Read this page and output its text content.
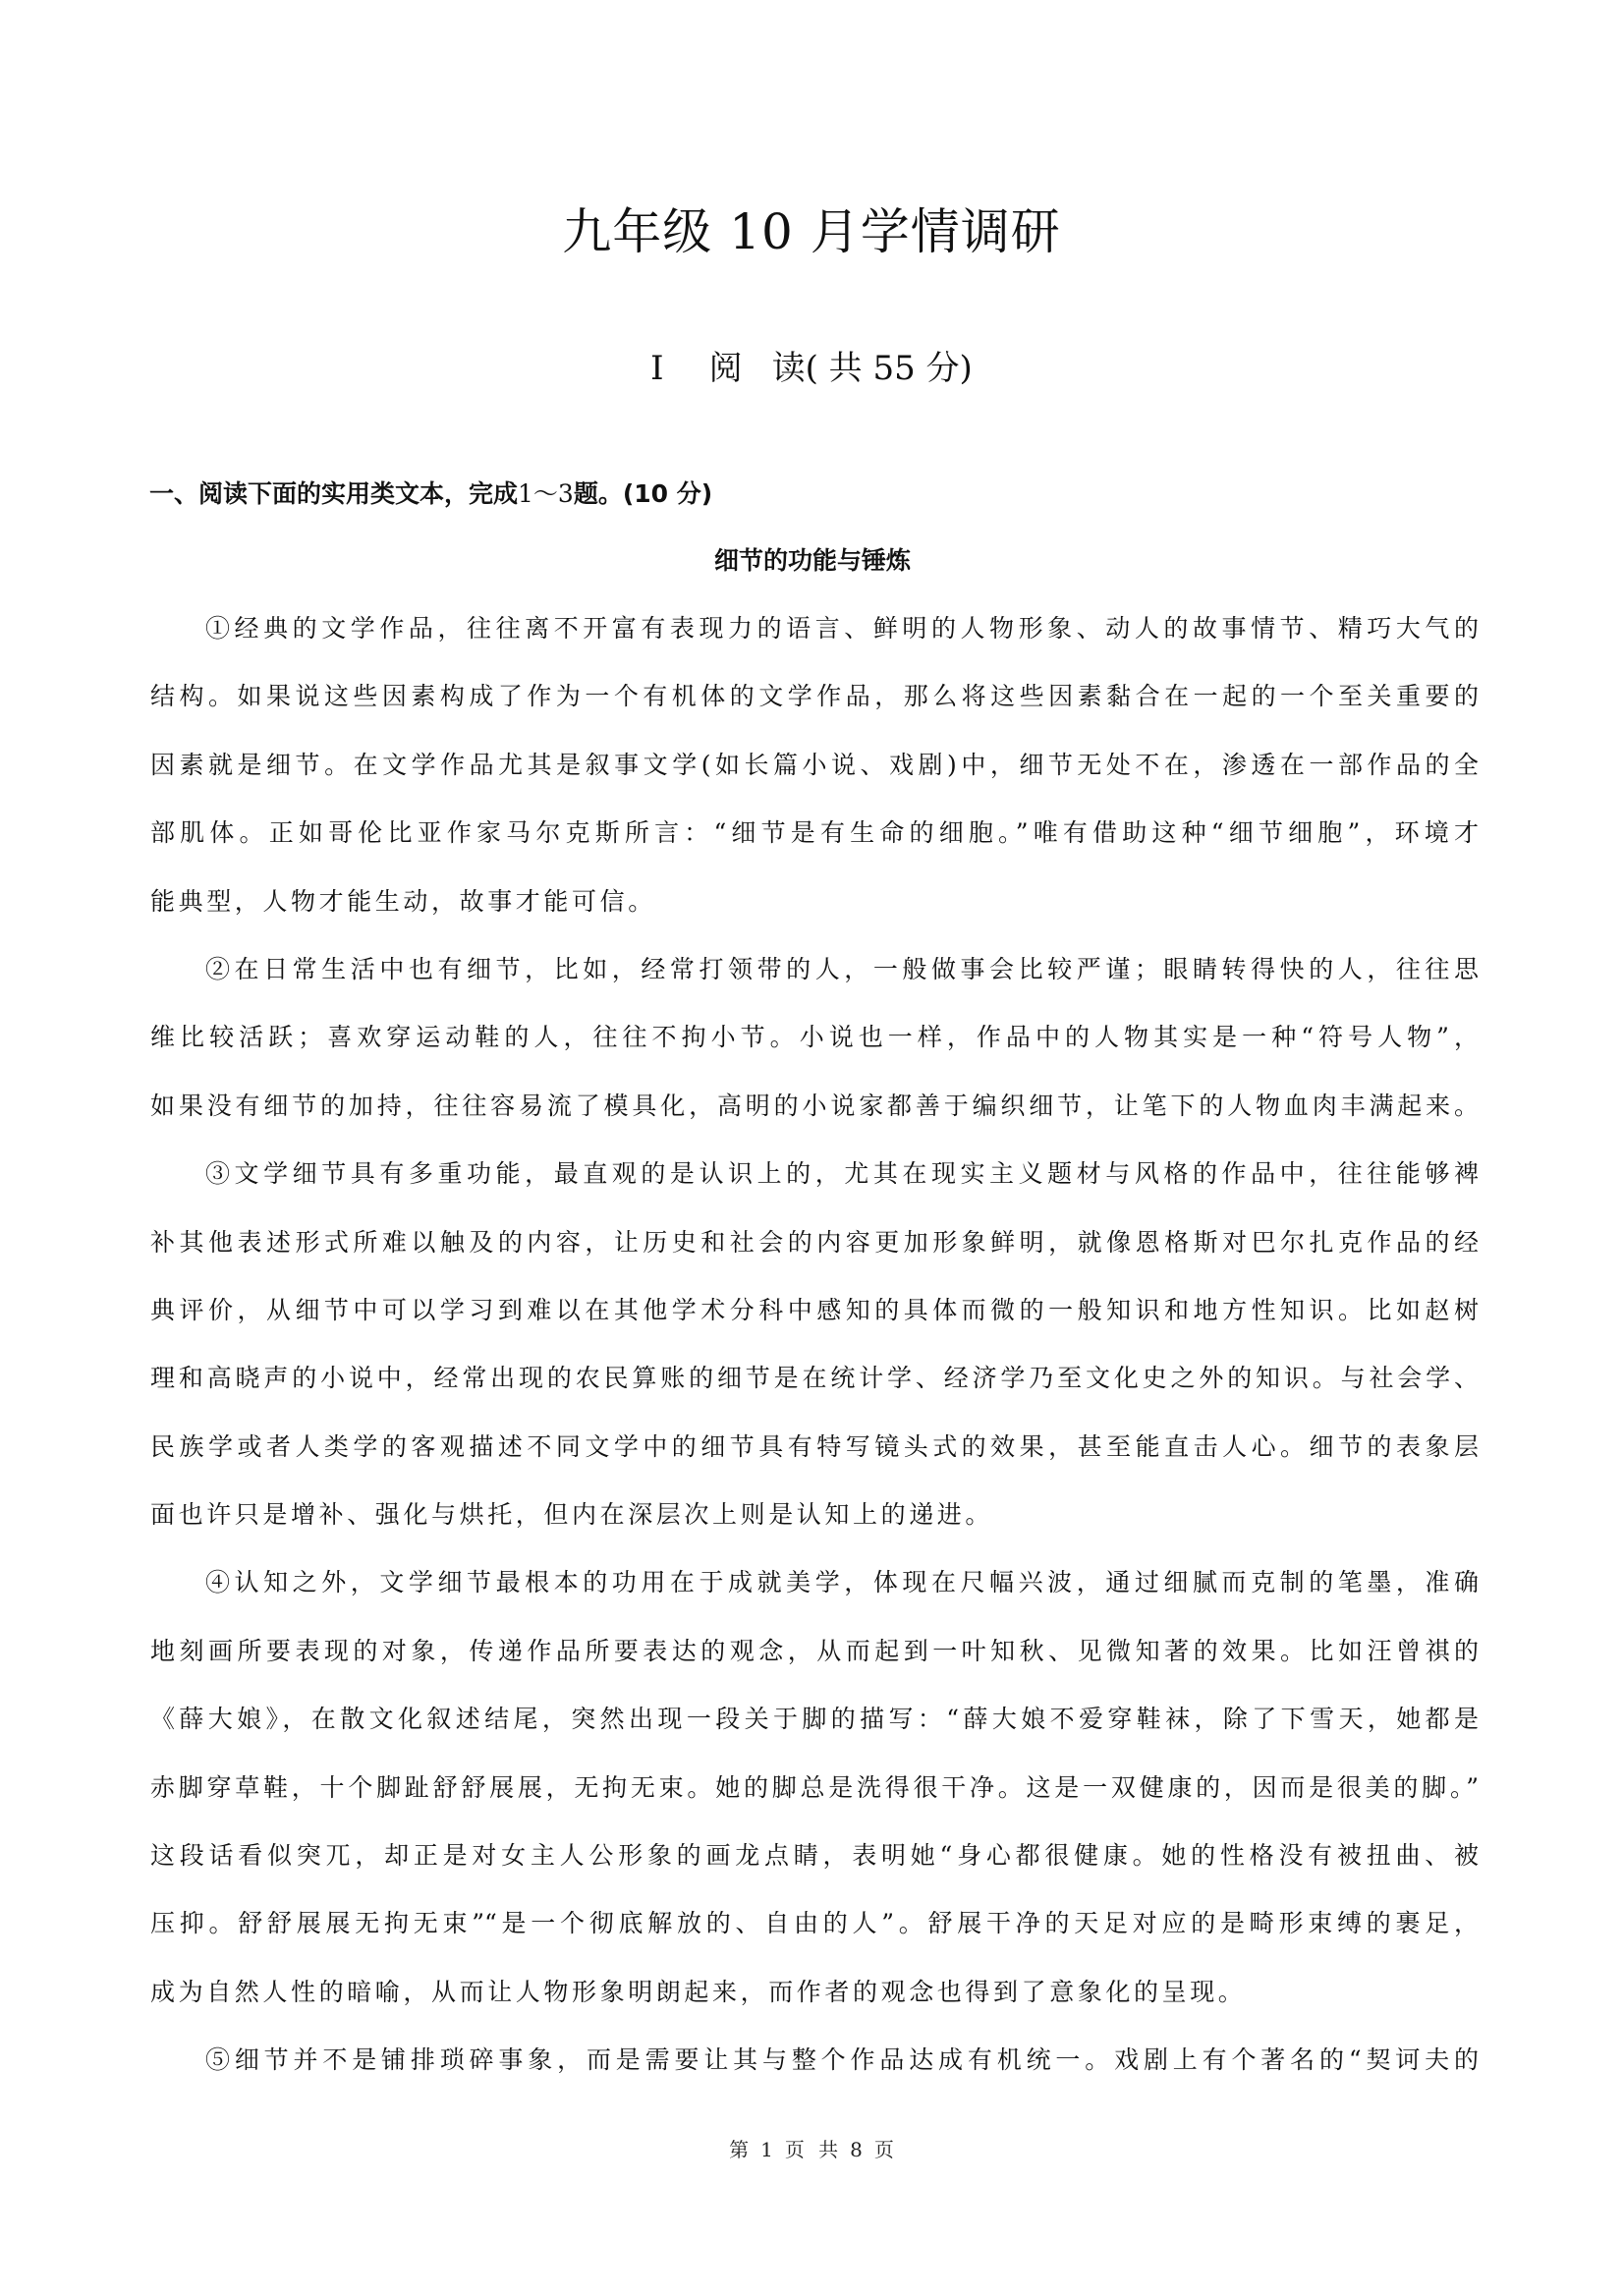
九年级 10 月学情调研
Ⅰ 阅 读( 共 55 分)
一、阅读下面的实用类文本，完成1～3题。(10 分)
细节的功能与锤炼
①经典的文学作品，往往离不开富有表现力的语言、鲜明的人物形象、动人的故事情节、精巧大气的
结构。如果说这些因素构成了作为一个有机体的文学作品，那么将这些因素黏合在一起的一个至关重要的
因素就是细节。在文学作品尤其是叙事文学(如长篇小说、戏剧)中，细节无处不在，渗透在一部作品的全
部肌体。正如哥伦比亚作家马尔克斯所言：“细节是有生命的细胞。”唯有借助这种“细节细胞”，环境才
能典型，人物才能生动，故事才能可信。
②在日常生活中也有细节，比如，经常打领带的人，一般做事会比较严谨；眼睛转得快的人，往往思
维比较活跃；喜欢穿运动鞋的人，往往不拘小节。小说也一样，作品中的人物其实是一种“符号人物”，
如果没有细节的加持，往往容易流了模具化，高明的小说家都善于编织细节，让笔下的人物血肉丰满起来。
③文学细节具有多重功能，最直观的是认识上的，尤其在现实主义题材与风格的作品中，往往能够裨
补其他表述形式所难以触及的内容，让历史和社会的内容更加形象鲜明，就像恩格斯对巴尔扎克作品的经
典评价，从细节中可以学习到难以在其他学术分科中感知的具体而微的一般知识和地方性知识。比如赵树
理和高晓声的小说中，经常出现的农民算账的细节是在统计学、经济学乃至文化史之外的知识。与社会学、
民族学或者人类学的客观描述不同文学中的细节具有特写镜头式的效果，甚至能直击人心。细节的表象层
面也许只是增补、强化与烘托，但内在深层次上则是认知上的递进。
④认知之外，文学细节最根本的功用在于成就美学，体现在尺幅兴波，通过细腻而克制的笔墨，准确
地刻画所要表现的对象，传递作品所要表达的观念，从而起到一叶知秋、见微知著的效果。比如汪曾祺的
《薛大娘》，在散文化叙述结尾，突然出现一段关于脚的描写：“薛大娘不爱穿鞋袜，除了下雪天，她都是
赤脚穿草鞋，十个脚趾舒舒展展，无拘无束。她的脚总是洗得很干净。这是一双健康的，因而是很美的脚。”
这段话看似突兀，却正是对女主人公形象的画龙点睛，表明她“身心都很健康。她的性格没有被扭曲、被
压抑。舒舒展展无拘无束”“是一个彻底解放的、自由的人”。舒展干净的天足对应的是畸形束缚的裹足，
成为自然人性的暗喻，从而让人物形象明朗起来，而作者的观念也得到了意象化的呈现。
⑤细节并不是铺排琐碎事象，而是需要让其与整个作品达成有机统一。戏剧上有个著名的“契诃夫的
第 1 页 共 8 页
